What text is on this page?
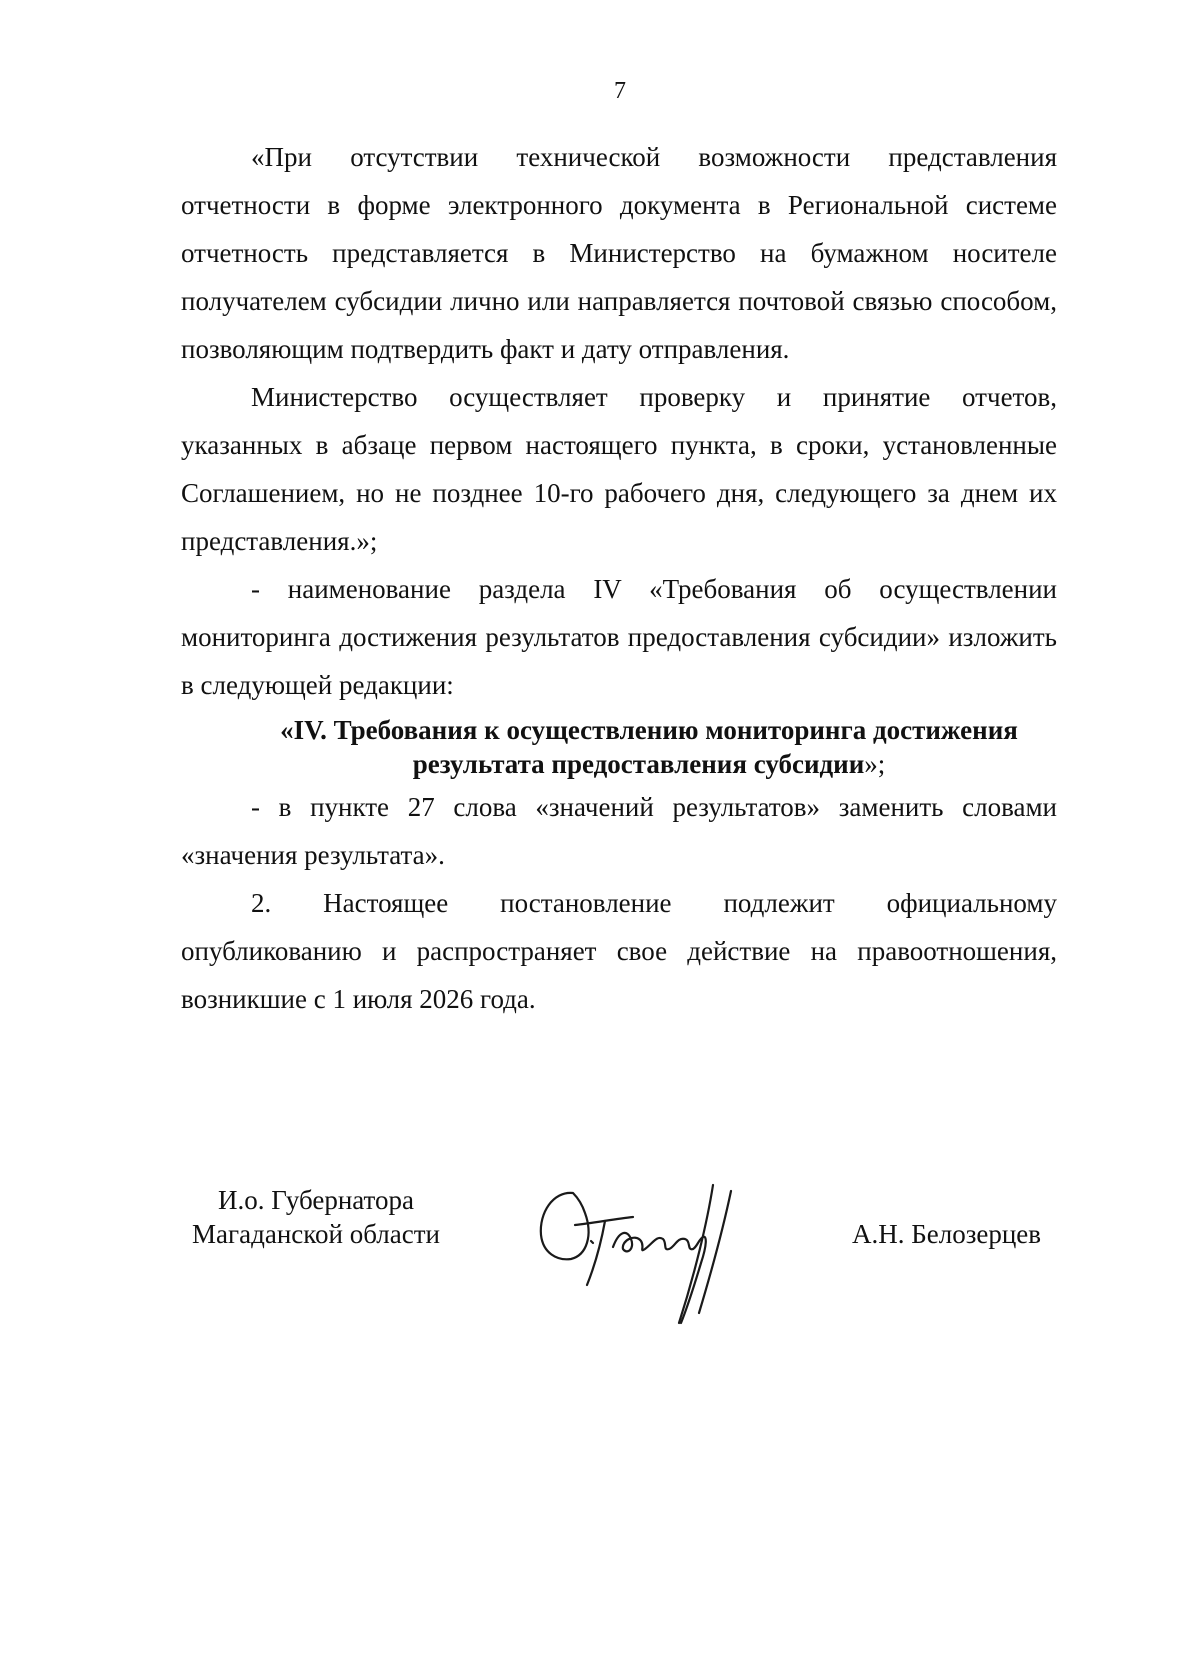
7

«При отсутствии технической возможности представления отчетности в форме электронного документа в Региональной системе отчетность представляется в Министерство на бумажном носителе получателем субсидии лично или направляется почтовой связью способом, позволяющим подтвердить факт и дату отправления.

Министерство осуществляет проверку и принятие отчетов, указанных в абзаце первом настоящего пункта, в сроки, установленные Соглашением, но не позднее 10-го рабочего дня, следующего за днем их представления.»;

- наименование раздела IV «Требования об осуществлении мониторинга достижения результатов предоставления субсидии» изложить в следующей редакции:

«IV. Требования к осуществлению мониторинга достижения
результата предоставления субсидии»;

- в пункте 27 слова «значений результатов» заменить словами «значения результата».

2. Настоящее постановление подлежит официальному опубликованию и распространяет свое действие на правоотношения, возникшие с 1 июля 2026 года.

И.о. Губернатора
Магаданской области	А.Н. Белозерцев
